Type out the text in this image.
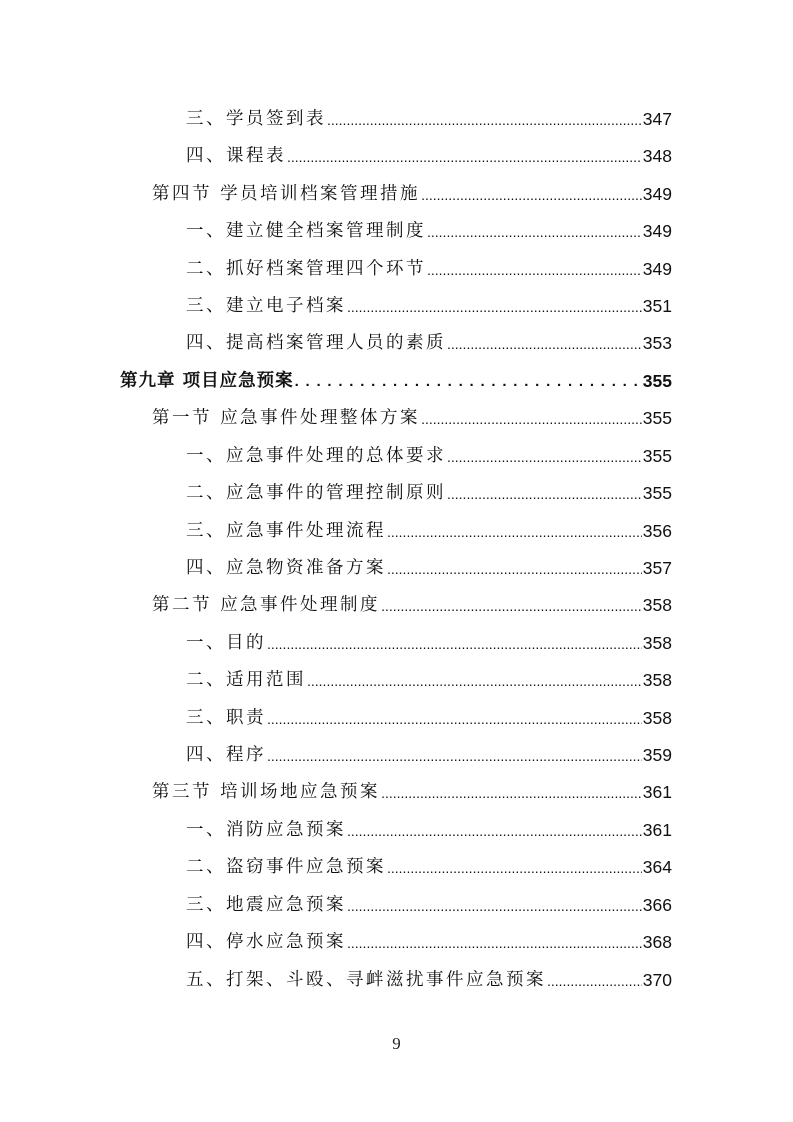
三、学员签到表 .....	347
四、课程表 .....	348
第四节 学员培训档案管理措施 .....	349
一、建立健全档案管理制度 .....	349
二、抓好档案管理四个环节 .....	349
三、建立电子档案 .....	351
四、提高档案管理人员的素质 .....	353
第九章 项目应急预案 . . .	355
第一节 应急事件处理整体方案 .....	355
一、应急事件处理的总体要求 .....	355
二、应急事件的管理控制原则 .....	355
三、应急事件处理流程 .....	356
四、应急物资准备方案 .....	357
第二节 应急事件处理制度 .....	358
一、目的 .....	358
二、适用范围 .....	358
三、职责 .....	358
四、程序 .....	359
第三节 培训场地应急预案 .....	361
一、消防应急预案 .....	361
二、盗窃事件应急预案 .....	364
三、地震应急预案 .....	366
四、停水应急预案 .....	368
五、打架、斗殴、寻衅滋扰事件应急预案 .....	370
9
